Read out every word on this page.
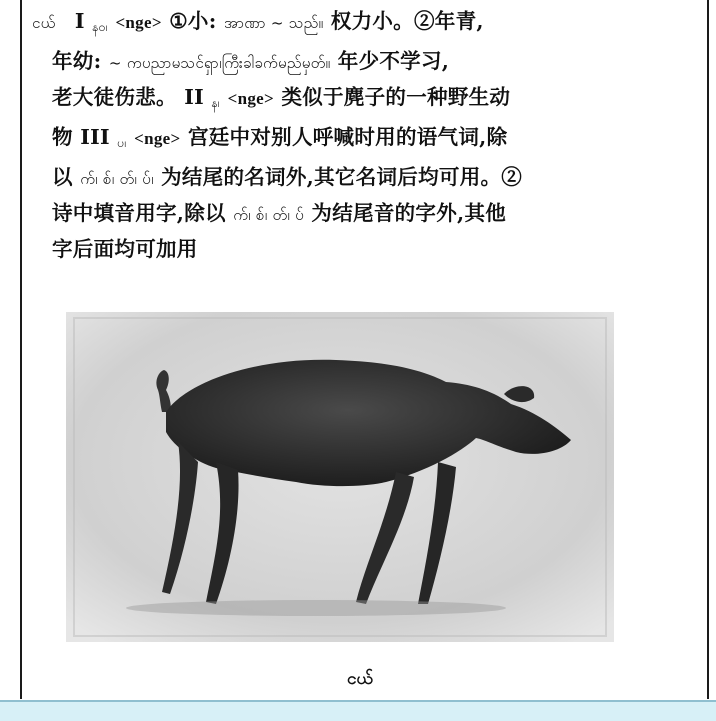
ငယ် I နဝ၊ <nge> ①小: အာဏာ ~ သည်။ 权力小。②年青,
年幼: ~ ကပညာမသင်ရှာ၊ကြီးခါခက်မည်မှတ်။ 年少不学习,
老大徒伤悲。 II န၊ <nge> 类似于麂子的一种野生动
物 III ပ၊ <nge> 宫廷中对别人呼喊时用的语气词,除
以 က်၊ စ်၊ တ်၊ ပ်၊ 为结尾的名词外,其它名词后均可用。②
诗中填音用字,除以 က်၊ စ်၊ တ်၊ ပ် 为结尾音的字外,其他
字后面均可加用
ငယ်
